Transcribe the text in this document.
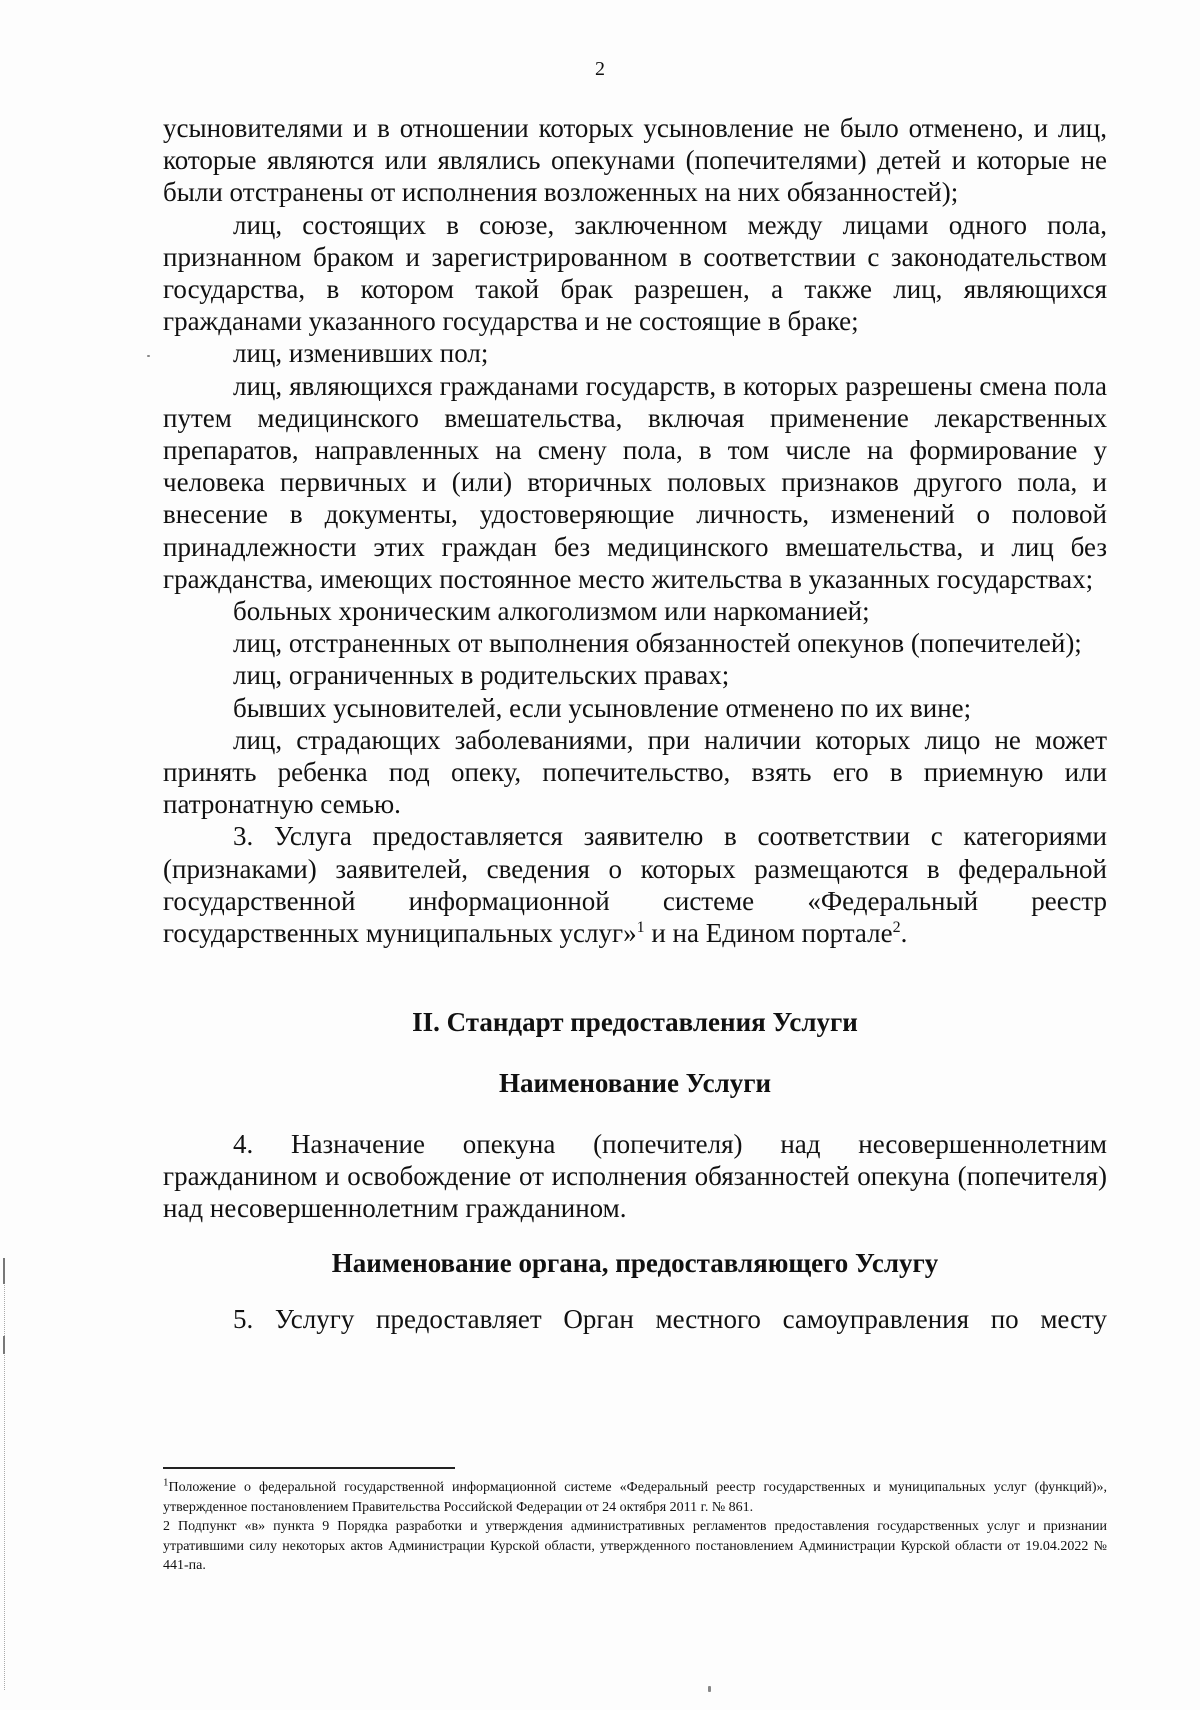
2

усыновителями и в отношении которых усыновление не было отменено, и лиц, которые являются или являлись опекунами (попечителями) детей и которые не были отстранены от исполнения возложенных на них обязанностей);

лиц, состоящих в союзе, заключенном между лицами одного пола, признанном браком и зарегистрированном в соответствии с законодательством государства, в котором такой брак разрешен, а также лиц, являющихся гражданами указанного государства и не состоящие в браке;

лиц, изменивших пол;

лиц, являющихся гражданами государств, в которых разрешены смена пола путем медицинского вмешательства, включая применение лекарственных препаратов, направленных на смену пола, в том числе на формирование у человека первичных и (или) вторичных половых признаков другого пола, и внесение в документы, удостоверяющие личность, изменений о половой принадлежности этих граждан без медицинского вмешательства, и лиц без гражданства, имеющих постоянное место жительства в указанных государствах;

больных хроническим алкоголизмом или наркоманией;

лиц, отстраненных от выполнения обязанностей опекунов (попечителей);

лиц, ограниченных в родительских правах;

бывших усыновителей, если усыновление отменено по их вине;

лиц, страдающих заболеваниями, при наличии которых лицо не может принять ребенка под опеку, попечительство, взять его в приемную или патронатную семью.

3. Услуга предоставляется заявителю в соответствии с категориями (признаками) заявителей, сведения о которых размещаются в федеральной государственной информационной системе «Федеральный реестр государственных муниципальных услуг»$^1$ и на Едином портале$^2$.

II. Стандарт предоставления Услуги
Наименование Услуги

4. Назначение опекуна (попечителя) над несовершеннолетним гражданином и освобождение от исполнения обязанностей опекуна (попечителя) над несовершеннолетним гражданином.

Наименование органа, предоставляющего Услугу

5. Услугу предоставляет Орган местного самоуправления по месту

$^1$Положение о федеральной государственной информационной системе «Федеральный реестр государственных и муниципальных услуг (функций)», утвержденное постановлением Правительства Российской Федерации от 24 октября 2011 г. № 861.

2 Подпункт «в» пункта 9 Порядка разработки и утверждения административных регламентов предоставления государственных услуг и признании утратившими силу некоторых актов Администрации Курской области, утвержденного постановлением Администрации Курской области от 19.04.2022 № 441-па.
